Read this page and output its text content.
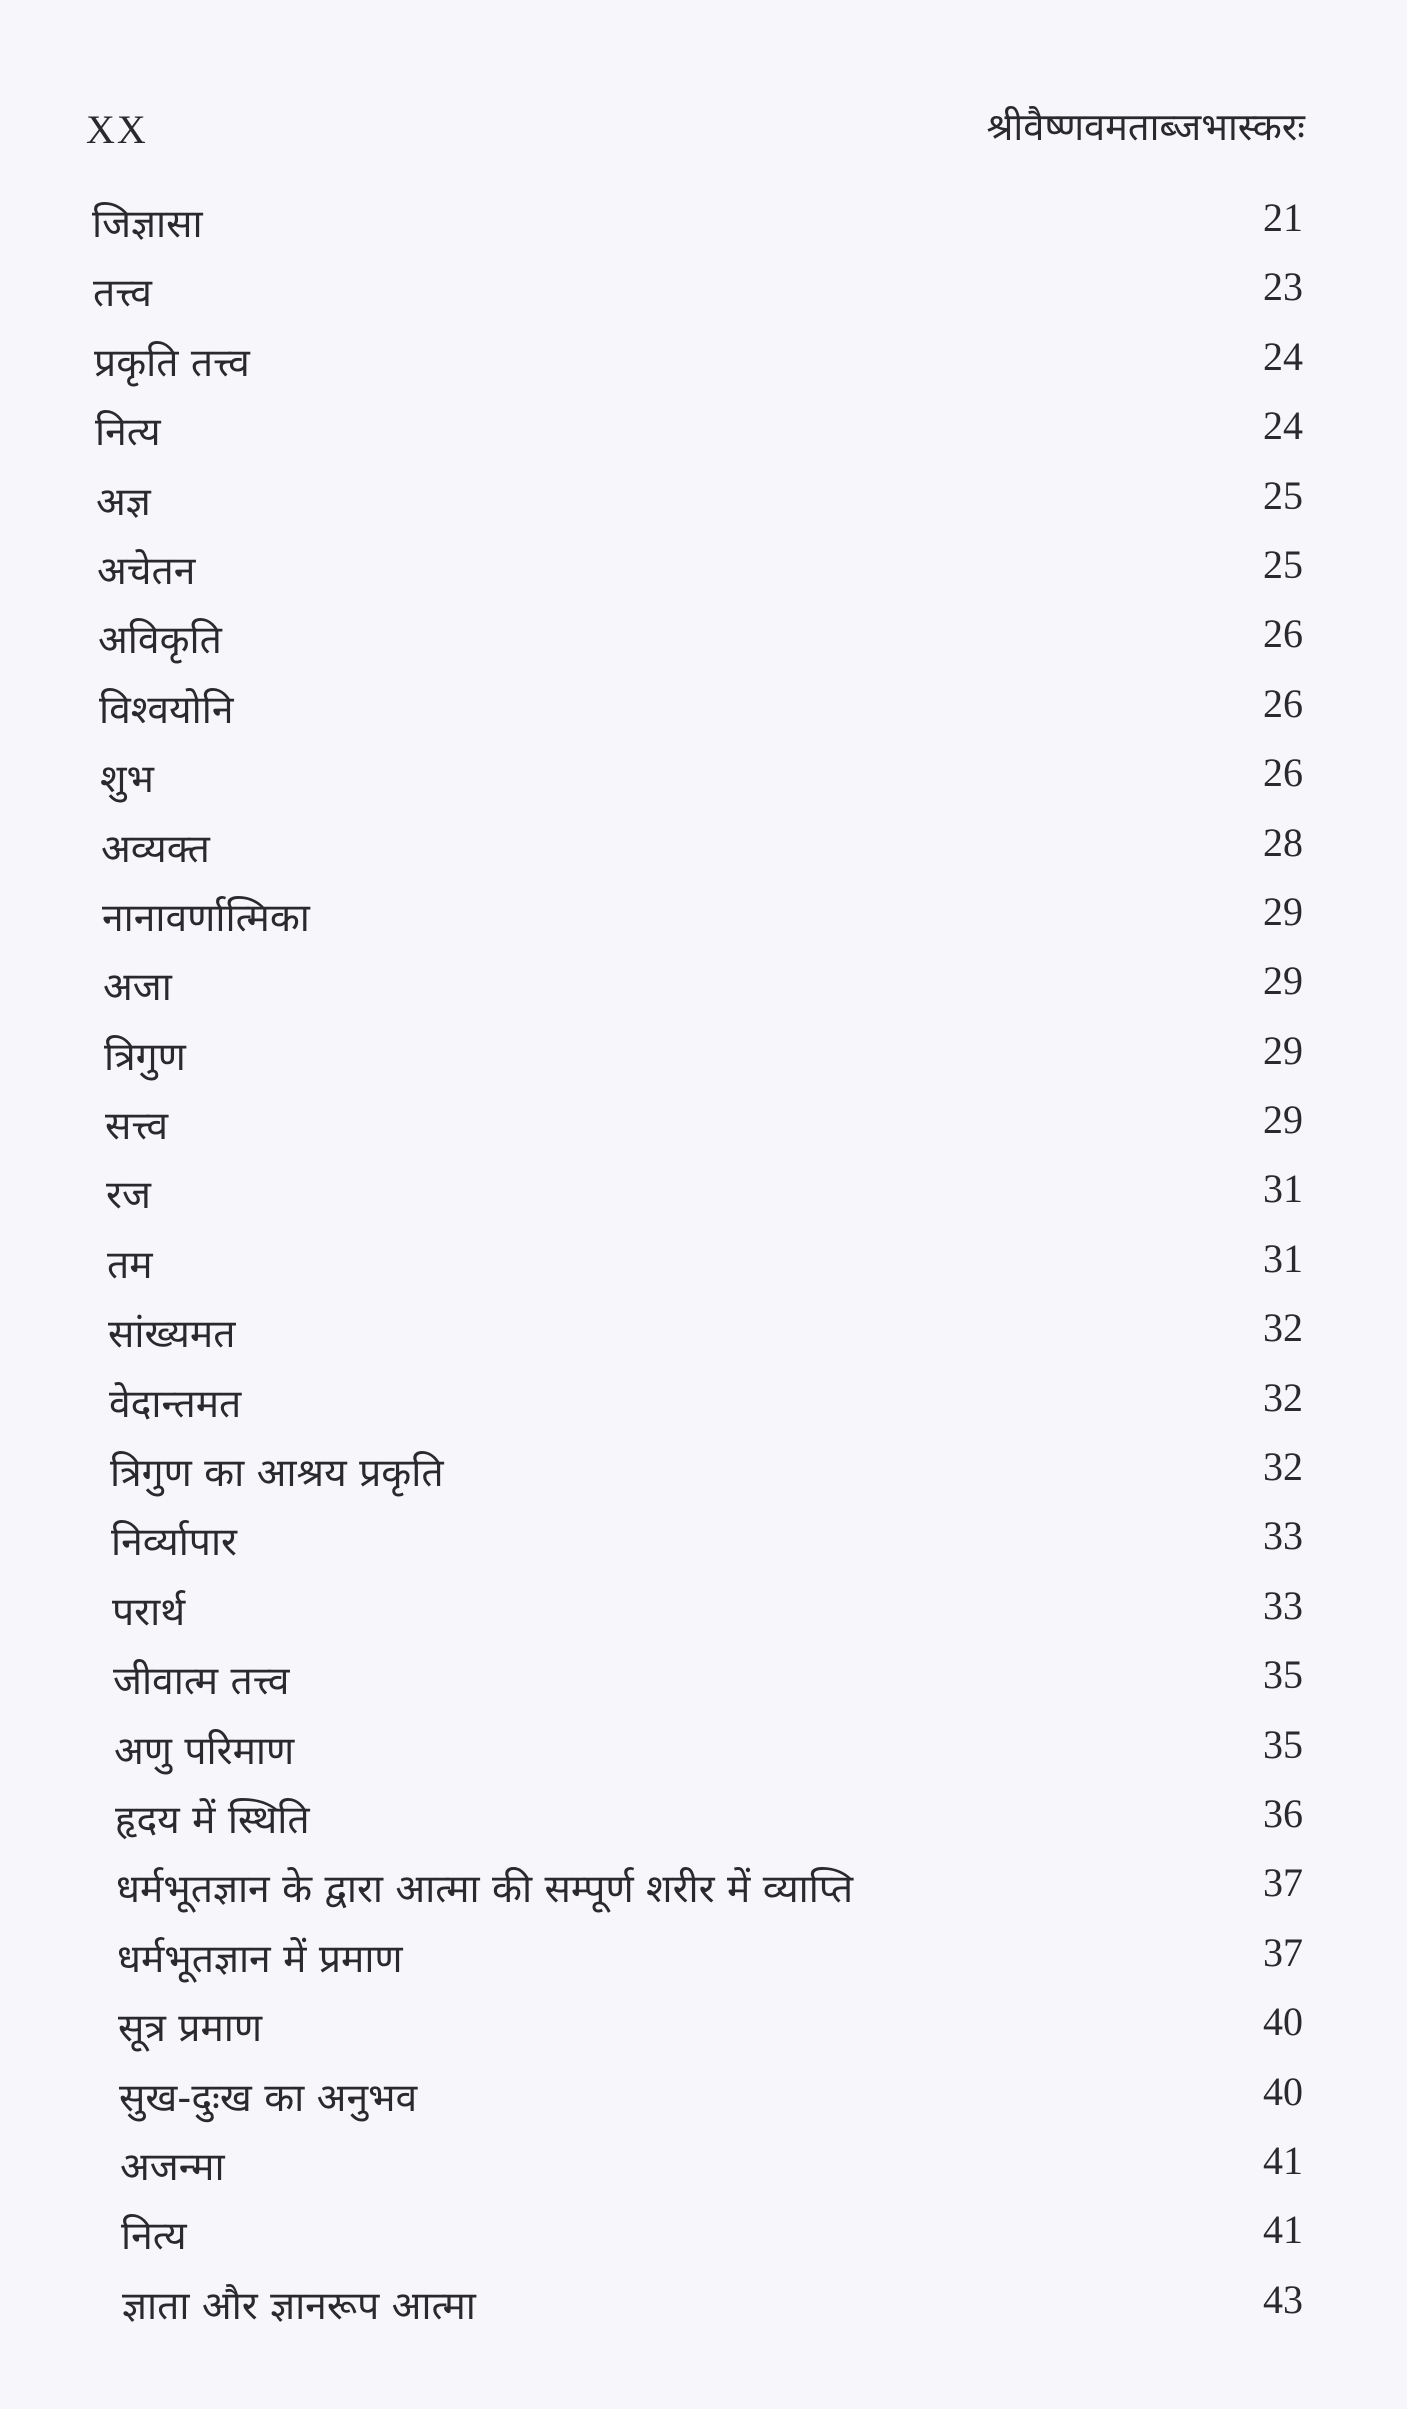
XX	श्रीवैष्णवमताब्जभास्करः
जिज्ञासा	21
तत्त्व	23
प्रकृति तत्त्व	24
नित्य	24
अज्ञ	25
अचेतन	25
अविकृति	26
विश्वयोनि	26
शुभ	26
अव्यक्त	28
नानावर्णात्मिका	29
अजा	29
त्रिगुण	29
सत्त्व	29
रज	31
तम	31
सांख्यमत	32
वेदान्तमत	32
त्रिगुण का आश्रय प्रकृति	32
निर्व्यापार	33
परार्थ	33
जीवात्म तत्त्व	35
अणु परिमाण	35
हृदय में स्थिति	36
धर्मभूतज्ञान के द्वारा आत्मा की सम्पूर्ण शरीर में व्याप्ति	37
धर्मभूतज्ञान में प्रमाण	37
सूत्र प्रमाण	40
सुख-दुःख का अनुभव	40
अजन्मा	41
नित्य	41
ज्ञाता और ज्ञानरूप आत्मा	43
